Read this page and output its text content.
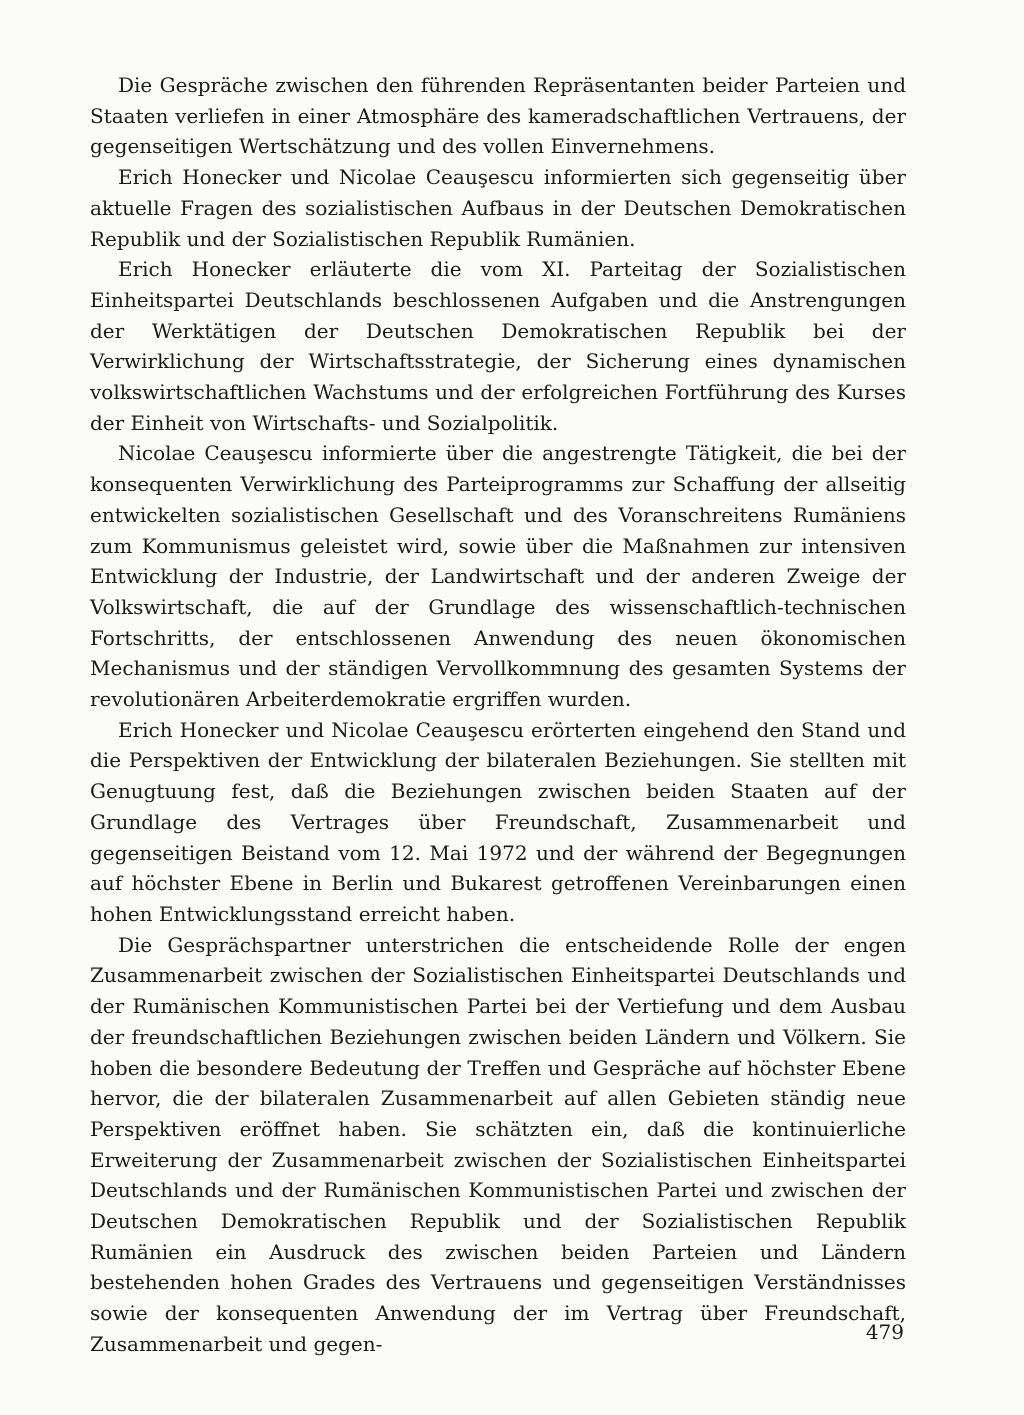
Die Gespräche zwischen den führenden Repräsentanten beider Parteien und Staaten verliefen in einer Atmosphäre des kameradschaftlichen Vertrauens, der gegenseitigen Wertschätzung und des vollen Einvernehmens.

Erich Honecker und Nicolae Ceauşescu informierten sich gegenseitig über aktuelle Fragen des sozialistischen Aufbaus in der Deutschen Demokratischen Republik und der Sozialistischen Republik Rumänien.

Erich Honecker erläuterte die vom XI. Parteitag der Sozialistischen Einheitspartei Deutschlands beschlossenen Aufgaben und die Anstrengungen der Werktätigen der Deutschen Demokratischen Republik bei der Verwirklichung der Wirtschaftsstrategie, der Sicherung eines dynamischen volkswirtschaftlichen Wachstums und der erfolgreichen Fortführung des Kurses der Einheit von Wirtschafts- und Sozialpolitik.

Nicolae Ceauşescu informierte über die angestrengte Tätigkeit, die bei der konsequenten Verwirklichung des Parteiprogramms zur Schaffung der allseitig entwickelten sozialistischen Gesellschaft und des Voranschreitens Rumäniens zum Kommunismus geleistet wird, sowie über die Maßnahmen zur intensiven Entwicklung der Industrie, der Landwirtschaft und der anderen Zweige der Volkswirtschaft, die auf der Grundlage des wissenschaftlich-technischen Fortschritts, der entschlossenen Anwendung des neuen ökonomischen Mechanismus und der ständigen Vervollkommnung des gesamten Systems der revolutionären Arbeiterdemokratie ergriffen wurden.

Erich Honecker und Nicolae Ceauşescu erörterten eingehend den Stand und die Perspektiven der Entwicklung der bilateralen Beziehungen. Sie stellten mit Genugtuung fest, daß die Beziehungen zwischen beiden Staaten auf der Grundlage des Vertrages über Freundschaft, Zusammenarbeit und gegenseitigen Beistand vom 12. Mai 1972 und der während der Begegnungen auf höchster Ebene in Berlin und Bukarest getroffenen Vereinbarungen einen hohen Entwicklungsstand erreicht haben.

Die Gesprächspartner unterstrichen die entscheidende Rolle der engen Zusammenarbeit zwischen der Sozialistischen Einheitspartei Deutschlands und der Rumänischen Kommunistischen Partei bei der Vertiefung und dem Ausbau der freundschaftlichen Beziehungen zwischen beiden Ländern und Völkern. Sie hoben die besondere Bedeutung der Treffen und Gespräche auf höchster Ebene hervor, die der bilateralen Zusammenarbeit auf allen Gebieten ständig neue Perspektiven eröffnet haben. Sie schätzten ein, daß die kontinuierliche Erweiterung der Zusammenarbeit zwischen der Sozialistischen Einheitspartei Deutschlands und der Rumänischen Kommunistischen Partei und zwischen der Deutschen Demokratischen Republik und der Sozialistischen Republik Rumänien ein Ausdruck des zwischen beiden Parteien und Ländern bestehenden hohen Grades des Vertrauens und gegenseitigen Verständnisses sowie der konsequenten Anwendung der im Vertrag über Freundschaft, Zusammenarbeit und gegen-	479
